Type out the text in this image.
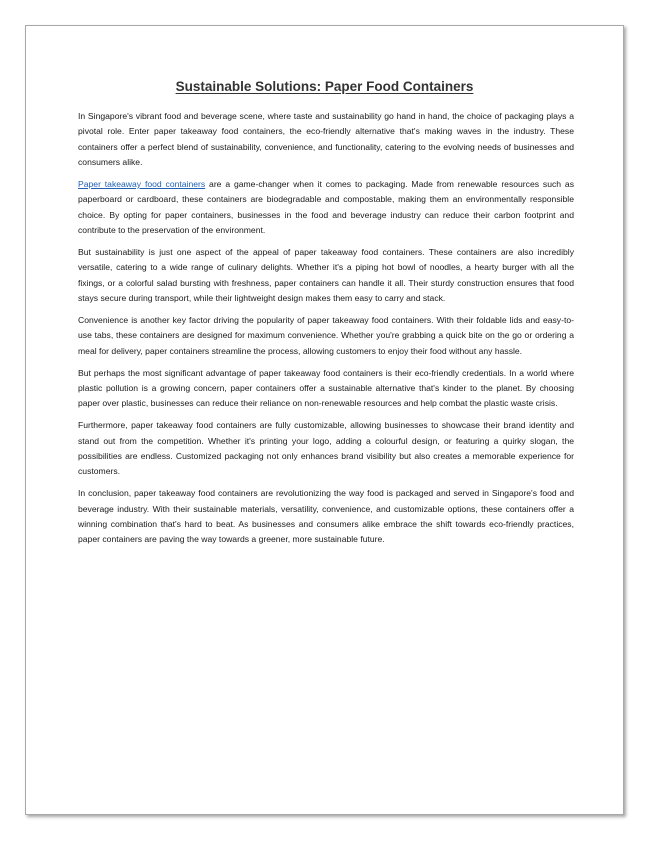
Sustainable Solutions: Paper Food Containers

In Singapore's vibrant food and beverage scene, where taste and sustainability go hand in hand, the choice of packaging plays a pivotal role. Enter paper takeaway food containers, the eco-friendly alternative that's making waves in the industry. These containers offer a perfect blend of sustainability, convenience, and functionality, catering to the evolving needs of businesses and consumers alike.

Paper takeaway food containers are a game-changer when it comes to packaging. Made from renewable resources such as paperboard or cardboard, these containers are biodegradable and compostable, making them an environmentally responsible choice. By opting for paper containers, businesses in the food and beverage industry can reduce their carbon footprint and contribute to the preservation of the environment.

But sustainability is just one aspect of the appeal of paper takeaway food containers. These containers are also incredibly versatile, catering to a wide range of culinary delights. Whether it's a piping hot bowl of noodles, a hearty burger with all the fixings, or a colorful salad bursting with freshness, paper containers can handle it all. Their sturdy construction ensures that food stays secure during transport, while their lightweight design makes them easy to carry and stack.

Convenience is another key factor driving the popularity of paper takeaway food containers. With their foldable lids and easy-to-use tabs, these containers are designed for maximum convenience. Whether you're grabbing a quick bite on the go or ordering a meal for delivery, paper containers streamline the process, allowing customers to enjoy their food without any hassle.

But perhaps the most significant advantage of paper takeaway food containers is their eco-friendly credentials. In a world where plastic pollution is a growing concern, paper containers offer a sustainable alternative that's kinder to the planet. By choosing paper over plastic, businesses can reduce their reliance on non-renewable resources and help combat the plastic waste crisis.

Furthermore, paper takeaway food containers are fully customizable, allowing businesses to showcase their brand identity and stand out from the competition. Whether it's printing your logo, adding a colourful design, or featuring a quirky slogan, the possibilities are endless. Customized packaging not only enhances brand visibility but also creates a memorable experience for customers.

In conclusion, paper takeaway food containers are revolutionizing the way food is packaged and served in Singapore's food and beverage industry. With their sustainable materials, versatility, convenience, and customizable options, these containers offer a winning combination that's hard to beat. As businesses and consumers alike embrace the shift towards eco-friendly practices, paper containers are paving the way towards a greener, more sustainable future.
